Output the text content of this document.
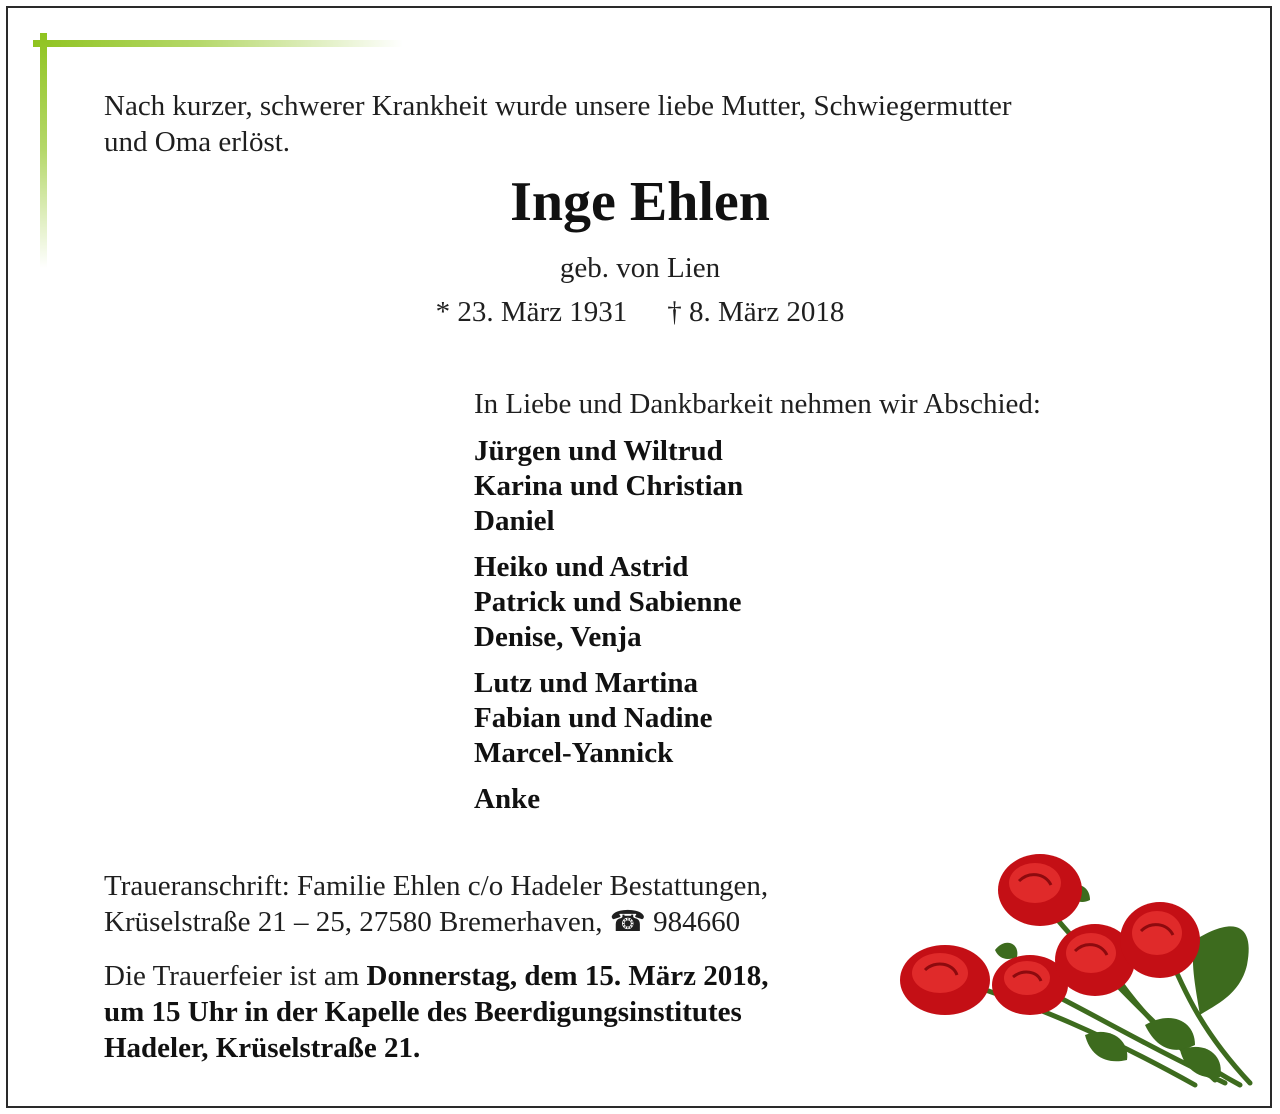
Nach kurzer, schwerer Krankheit wurde unsere liebe Mutter, Schwiegermutter
und Oma erlöst.
Inge Ehlen
geb. von Lien
* 23. März 1931 † 8. März 2018
In Liebe und Dankbarkeit nehmen wir Abschied:
Jürgen und Wiltrud
Karina und Christian
Daniel
Heiko und Astrid
Patrick und Sabienne
Denise, Venja
Lutz und Martina
Fabian und Nadine
Marcel-Yannick
Anke
Traueranschrift: Familie Ehlen c/o Hadeler Bestattungen,
Krüselstraße 21 – 25, 27580 Bremerhaven, ☎ 984660
Die Trauerfeier ist am Donnerstag, dem 15. März 2018,
um 15 Uhr in der Kapelle des Beerdigungsinstitutes
Hadeler, Krüselstraße 21.
